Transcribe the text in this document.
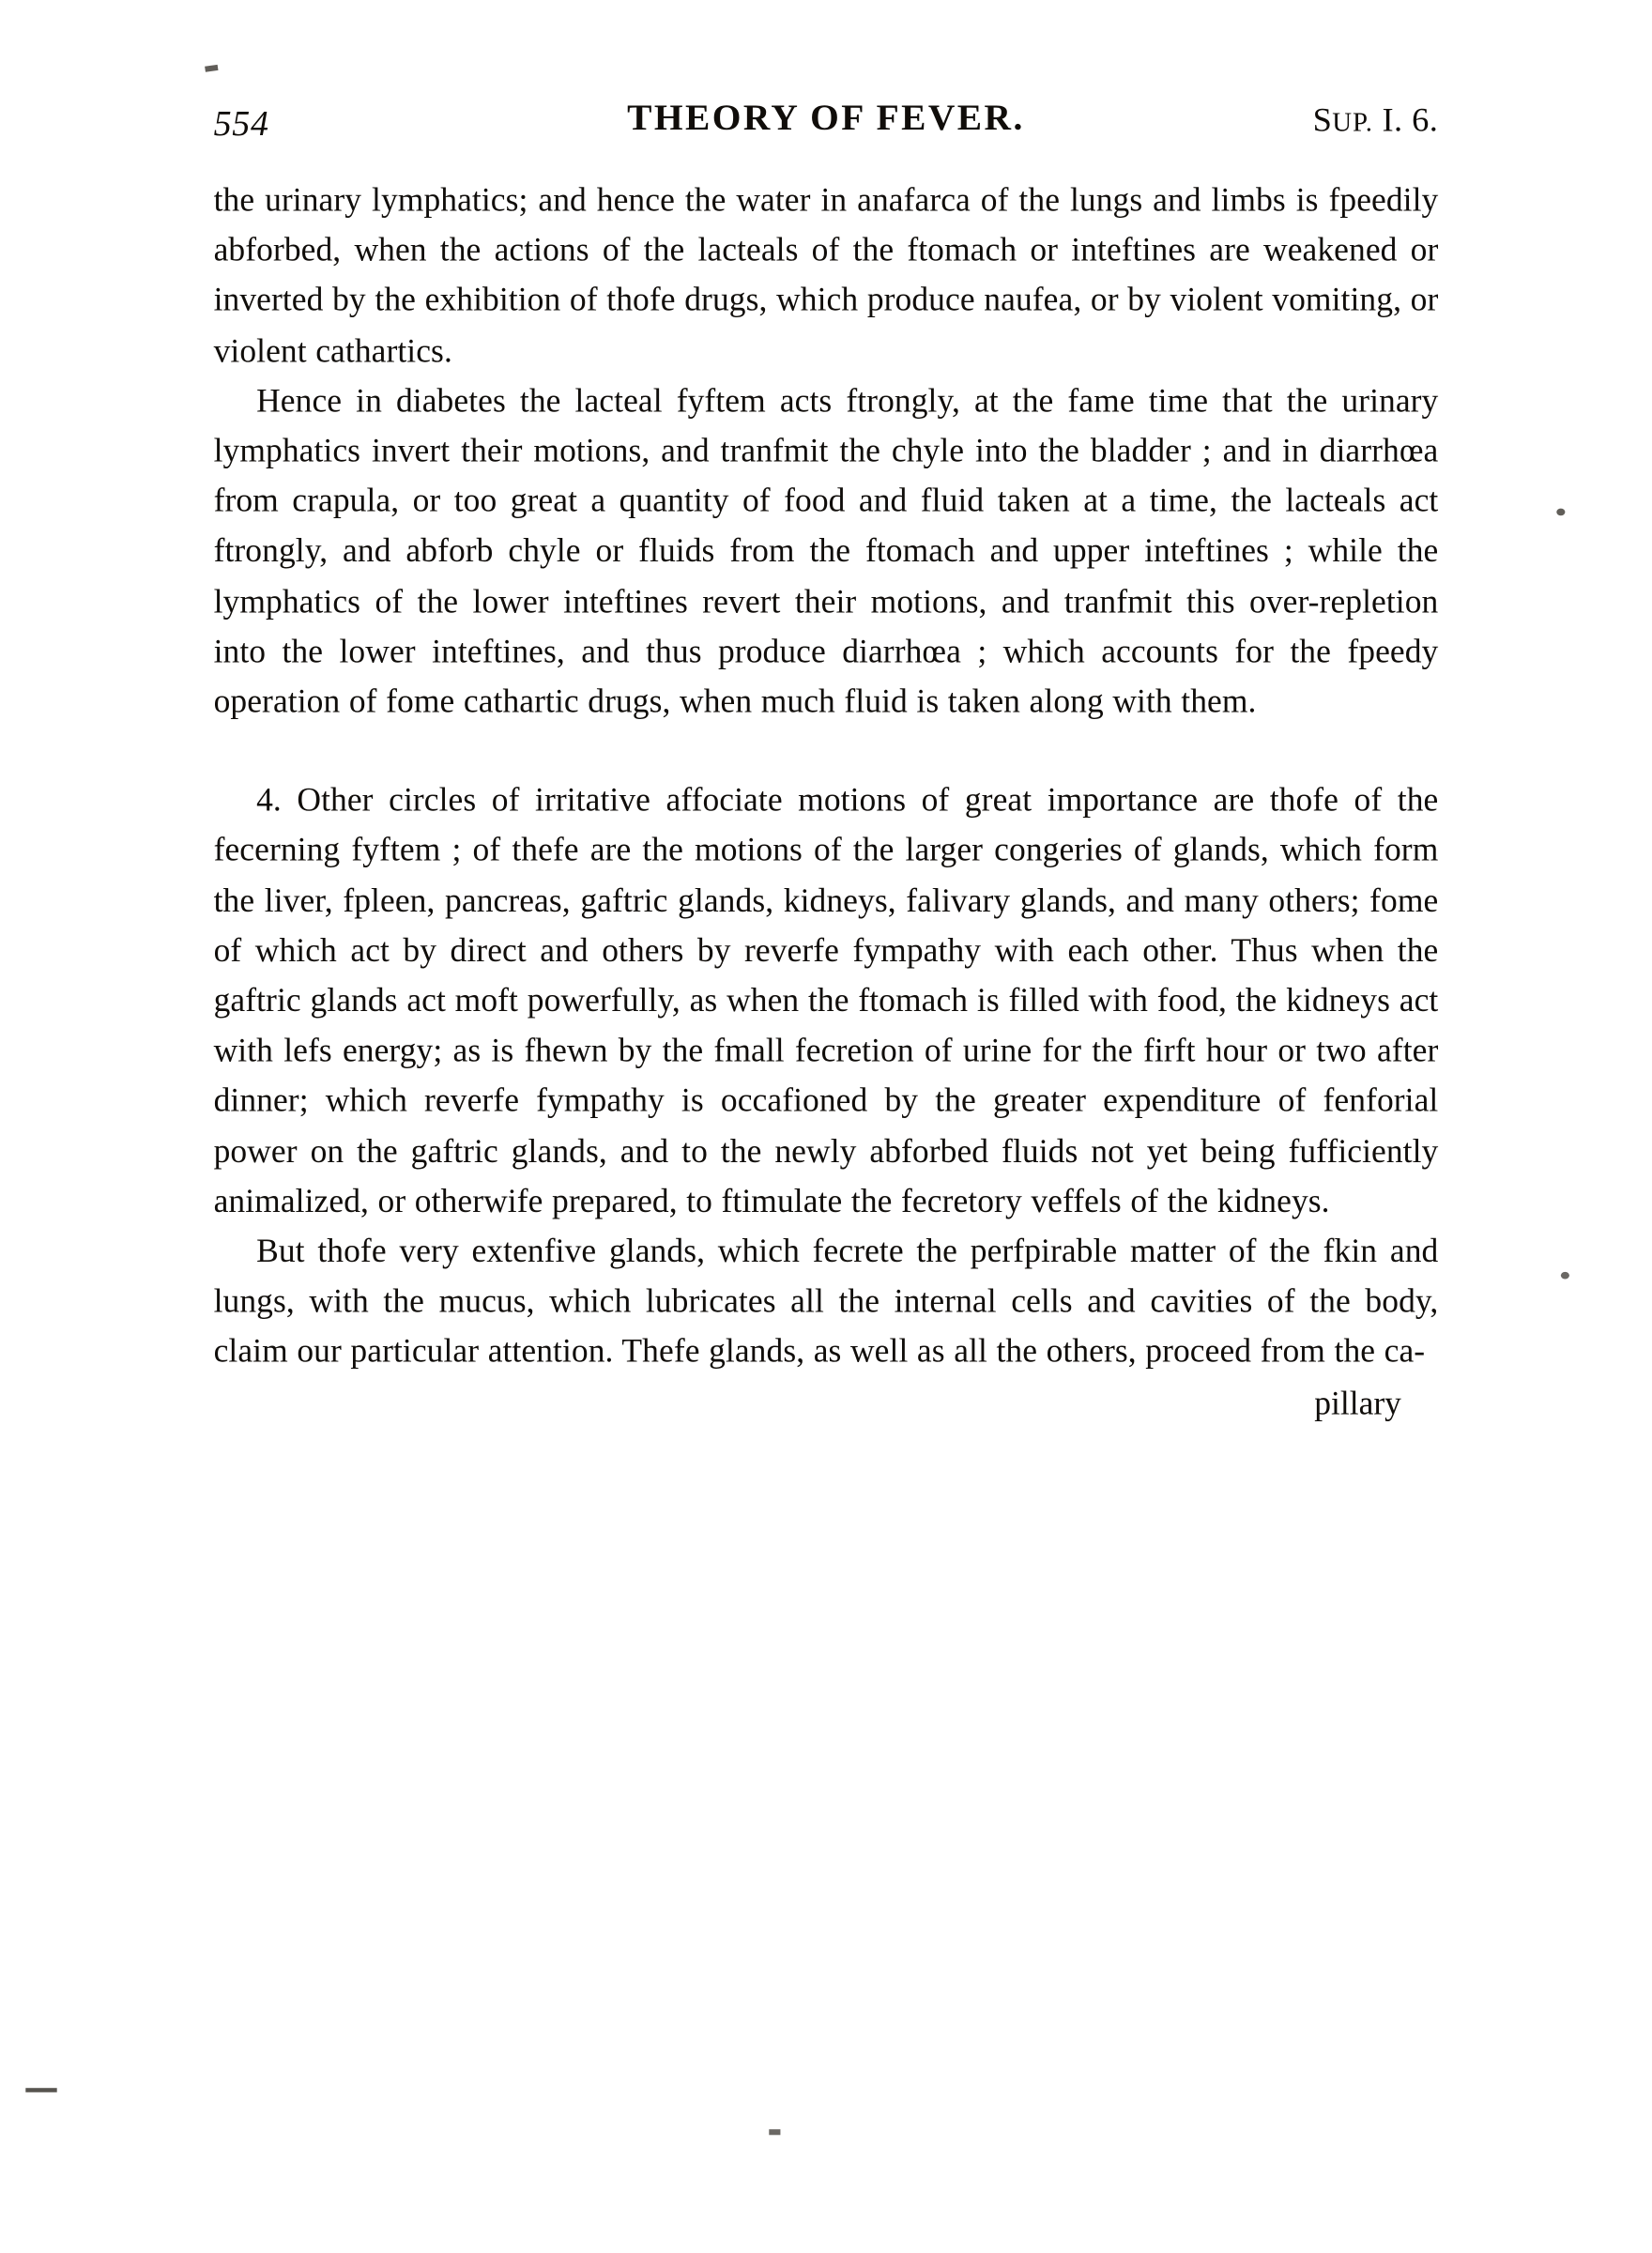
554	THEORY OF FEVER.	SUP. I. 6.

the urinary lymphatics; and hence the water in anafarca of the lungs and limbs is fpeedily abforbed, when the actions of the lacteals of the ftomach or inteftines are weakened or inverted by the exhibition of thofe drugs, which produce naufea, or by violent vomiting, or violent cathartics.

Hence in diabetes the lacteal fyftem acts ftrongly, at the fame time that the urinary lymphatics invert their motions, and tranfmit the chyle into the bladder ; and in diarrhœa from crapula, or too great a quantity of food and fluid taken at a time, the lacteals act ftrongly, and abforb chyle or fluids from the ftomach and upper inteftines ; while the lymphatics of the lower inteftines revert their motions, and tranfmit this over-repletion into the lower inteftines, and thus produce diarrhœa ; which accounts for the fpeedy operation of fome cathartic drugs, when much fluid is taken along with them.

4. Other circles of irritative affociate motions of great importance are thofe of the fecerning fyftem ; of thefe are the motions of the larger congeries of glands, which form the liver, fpleen, pancreas, gaftric glands, kidneys, falivary glands, and many others; fome of which act by direct and others by reverfe fympathy with each other. Thus when the gaftric glands act moft powerfully, as when the ftomach is filled with food, the kidneys act with lefs energy; as is fhewn by the fmall fecretion of urine for the firft hour or two after dinner; which reverfe fympathy is occafioned by the greater expenditure of fenforial power on the gaftric glands, and to the newly abforbed fluids not yet being fufficiently animalized, or otherwife prepared, to ftimulate the fecretory veffels of the kidneys.

But thofe very extenfive glands, which fecrete the perfpirable matter of the fkin and lungs, with the mucus, which lubricates all the internal cells and cavities of the body, claim our particular attention. Thefe glands, as well as all the others, proceed from the ca-

pillary
